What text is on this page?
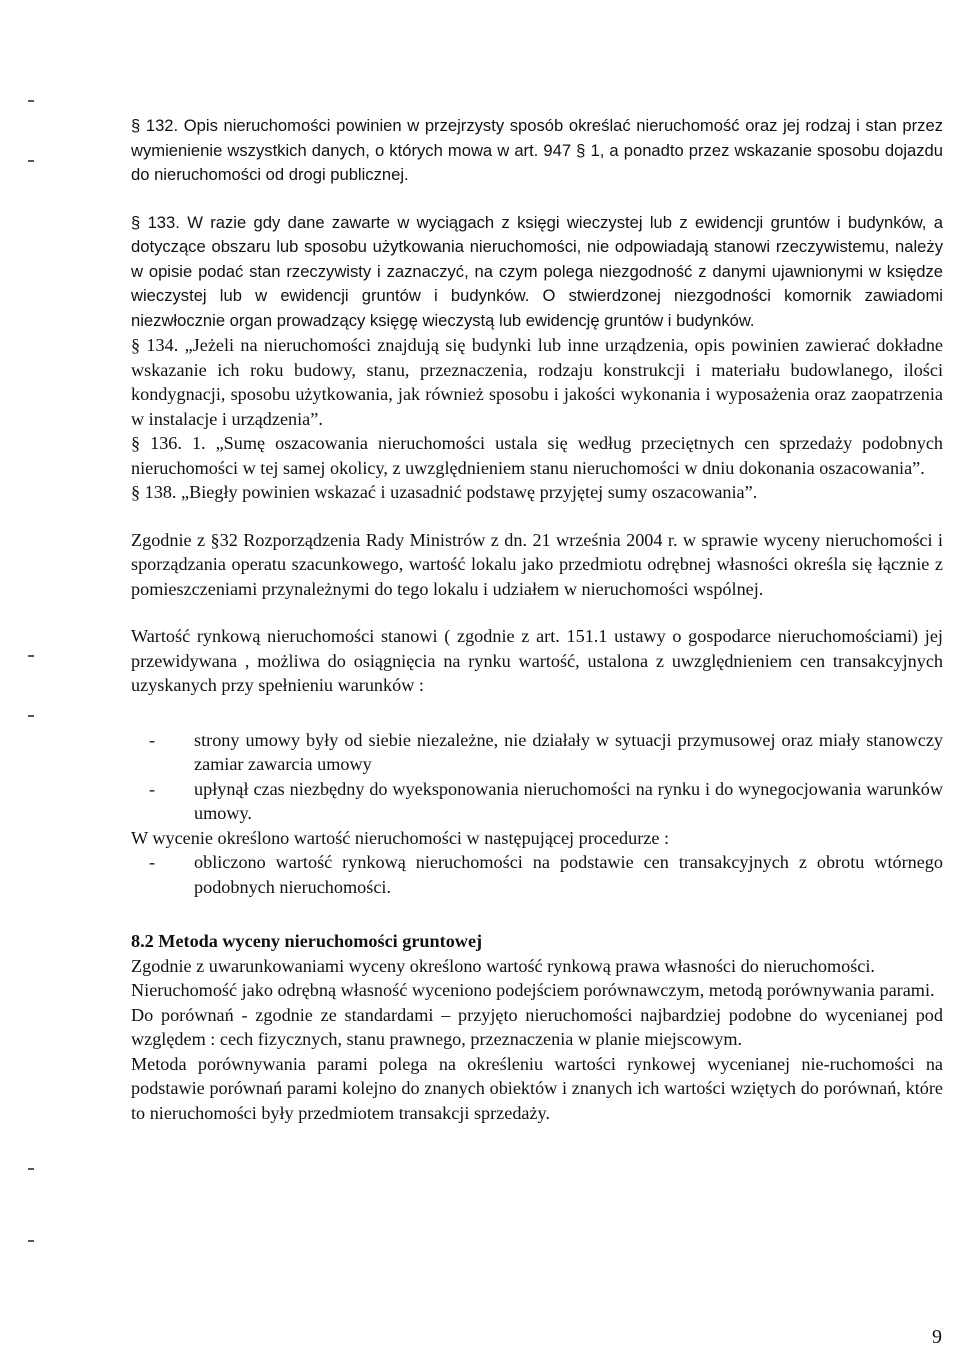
§ 132. Opis nieruchomości powinien w przejrzysty sposób określać nieruchomość oraz jej rodzaj i stan przez wymienienie wszystkich danych, o których mowa w art. 947 § 1, a ponadto przez wskazanie sposobu dojazdu do nieruchomości od drogi publicznej.

§ 133. W razie gdy dane zawarte w wyciągach z księgi wieczystej lub z ewidencji gruntów i budynków, a dotyczące obszaru lub sposobu użytkowania nieruchomości, nie odpowiadają stanowi rzeczywistemu, należy w opisie podać stan rzeczywisty i zaznaczyć, na czym polega niezgodność z danymi ujawnionymi w księdze wieczystej lub w ewidencji gruntów i budynków. O stwierdzonej niezgodności komornik zawiadomi niezwłocznie organ prowadzący księgę wieczystą lub ewidencję gruntów i budynków.

§ 134. „Jeżeli na nieruchomości znajdują się budynki lub inne urządzenia, opis powinien zawierać dokładne wskazanie ich roku budowy, stanu, przeznaczenia, rodzaju konstrukcji i materiału budowlanego, ilości kondygnacji, sposobu użytkowania, jak również sposobu i jakości wykonania i wyposażenia oraz zaopatrzenia w instalacje i urządzenia”.

§ 136. 1. „Sumę oszacowania nieruchomości ustala się według przeciętnych cen sprzedaży podobnych nieruchomości w tej samej okolicy, z uwzględnieniem stanu nieruchomości w dniu dokonania oszacowania”.

§ 138. „Biegły powinien wskazać i uzasadnić podstawę przyjętej sumy oszacowania”.

Zgodnie z §32 Rozporządzenia Rady Ministrów z dn. 21 września 2004 r. w sprawie wyceny nieruchomości i sporządzania operatu szacunkowego, wartość lokalu jako przedmiotu odrębnej własności określa się łącznie z pomieszczeniami przynależnymi do tego lokalu i udziałem w nieruchomości wspólnej.

Wartość rynkową nieruchomości stanowi ( zgodnie z art. 151.1 ustawy o gospodarce nieruchomościami) jej przewidywana , możliwa do osiągnięcia na rynku wartość, ustalona z uwzględnieniem cen transakcyjnych uzyskanych przy spełnieniu warunków :

- strony umowy były od siebie niezależne, nie działały w sytuacji przymusowej oraz miały stanowczy zamiar zawarcia umowy
- upłynął czas niezbędny do wyeksponowania nieruchomości na rynku i do wynegocjowania warunków umowy.

W wycenie określono wartość nieruchomości w następującej procedurze :

- obliczono wartość rynkową nieruchomości na podstawie cen transakcyjnych z obrotu wtórnego podobnych nieruchomości.

8.2 Metoda wyceny nieruchomości gruntowej

Zgodnie z uwarunkowaniami wyceny określono wartość rynkową prawa własności do nieruchomości.

Nieruchomość jako odrębną własność wyceniono podejściem porównawczym, metodą porównywania parami.

Do porównań - zgodnie ze standardami – przyjęto nieruchomości najbardziej podobne do wycenianej pod względem : cech fizycznych, stanu prawnego, przeznaczenia w planie miejscowym.

Metoda porównywania parami polega na określeniu wartości rynkowej wycenianej nie-ruchomości na podstawie porównań parami kolejno do znanych obiektów i znanych ich wartości wziętych do porównań, które to nieruchomości były przedmiotem transakcji sprzedaży.

9
